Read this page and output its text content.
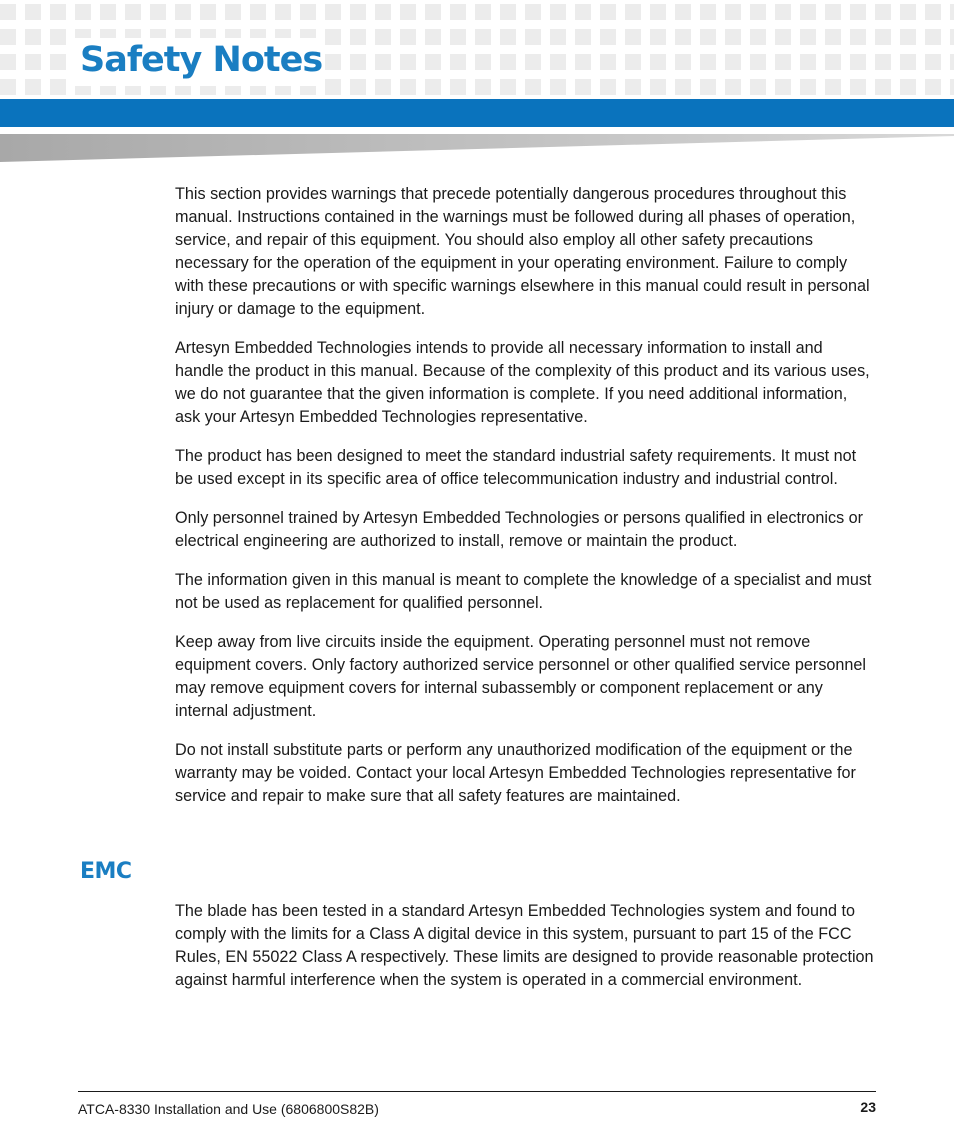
Safety Notes

This section provides warnings that precede potentially dangerous procedures throughout this manual. Instructions contained in the warnings must be followed during all phases of operation, service, and repair of this equipment. You should also employ all other safety precautions necessary for the operation of the equipment in your operating environment. Failure to comply with these precautions or with specific warnings elsewhere in this manual could result in personal injury or damage to the equipment.

Artesyn Embedded Technologies intends to provide all necessary information to install and handle the product in this manual. Because of the complexity of this product and its various uses, we do not guarantee that the given information is complete. If you need additional information, ask your Artesyn Embedded Technologies representative.

The product has been designed to meet the standard industrial safety requirements. It must not be used except in its specific area of office telecommunication industry and industrial control.

Only personnel trained by Artesyn Embedded Technologies or persons qualified in electronics or electrical engineering are authorized to install, remove or maintain the product.

The information given in this manual is meant to complete the knowledge of a specialist and must not be used as replacement for qualified personnel.

Keep away from live circuits inside the equipment. Operating personnel must not remove equipment covers. Only factory authorized service personnel or other qualified service personnel may remove equipment covers for internal subassembly or component replacement or any internal adjustment.

Do not install substitute parts or perform any unauthorized modification of the equipment or the warranty may be voided. Contact your local Artesyn Embedded Technologies representative for service and repair to make sure that all safety features are maintained.

EMC

The blade has been tested in a standard Artesyn Embedded Technologies system and found to comply with the limits for a Class A digital device in this system, pursuant to part 15 of the FCC Rules, EN 55022 Class A respectively. These limits are designed to provide reasonable protection against harmful interference when the system is operated in a commercial environment.

ATCA-8330 Installation and Use (6806800S82B)	23
